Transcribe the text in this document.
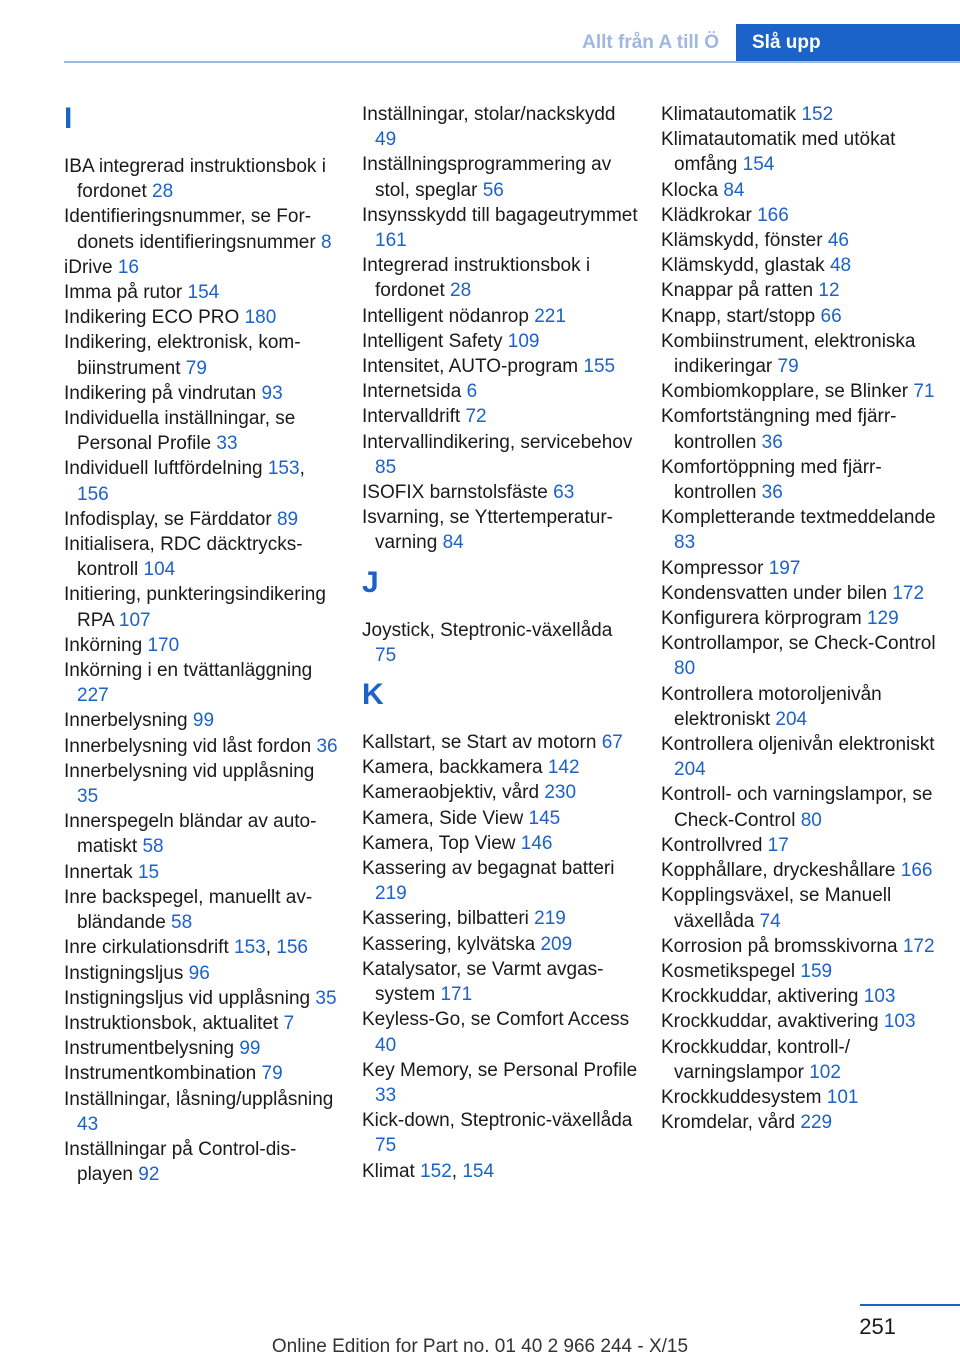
Allt från A till Ö	Slå upp
I
IBA integrerad instruktionsbok i fordonet 28
Identifieringsnummer, se Fordonets identifieringsnummer 8
iDrive 16
Imma på rutor 154
Indikering ECO PRO 180
Indikering, elektronisk, kombiinstrument 79
Indikering på vindrutan 93
Individuella inställningar, se Personal Profile 33
Individuell luftfördelning 153, 156
Infodisplay, se Färddator 89
Initialisera, RDC däcktryckskontroll 104
Initiering, punkteringsindikering RPA 107
Inkörning 170
Inkörning i en tvättanläggning 227
Innerbelysning 99
Innerbelysning vid låst fordon 36
Innerbelysning vid upplåsning 35
Innerspegeln bländar av automatiskt 58
Innertak 15
Inre backspegel, manuellt avbländande 58
Inre cirkulationsdrift 153, 156
Instigningsljus 96
Instigningsljus vid upplåsning 35
Instruktionsbok, aktualitet 7
Instrumentbelysning 99
Instrumentkombination 79
Inställningar, låsning/upplåsning 43
Inställningar på Control-displayen 92
Inställningar, stolar/nackskydd 49
Inställningsprogrammering av stol, speglar 56
Insynsskydd till bagageutrymmet 161
Integrerad instruktionsbok i fordonet 28
Intelligent nödanrop 221
Intelligent Safety 109
Intensitet, AUTO-program 155
Internetsida 6
Intervalldrift 72
Intervallindikering, servicebehov 85
ISOFIX barnstolsfäste 63
Isvarning, se Yttertemperaturvarning 84
J
Joystick, Steptronic-växellåda 75
K
Kallstart, se Start av motorn 67
Kamera, backkamera 142
Kameraobjektiv, vård 230
Kamera, Side View 145
Kamera, Top View 146
Kassering av begagnat batteri 219
Kassering, bilbatteri 219
Kassering, kylvätska 209
Katalysator, se Varmt avgassystem 171
Keyless-Go, se Comfort Access 40
Key Memory, se Personal Profile 33
Kick-down, Steptronic-växellåda 75
Klimat 152, 154
Klimatautomatik 152
Klimatautomatik med utökat omfång 154
Klocka 84
Klädkrokar 166
Klämskydd, fönster 46
Klämskydd, glastak 48
Knappar på ratten 12
Knapp, start/stopp 66
Kombiinstrument, elektroniska indikeringar 79
Kombiomkopplare, se Blinker 71
Komfortstängning med fjärrkontrollen 36
Komfortöppning med fjärrkontrollen 36
Kompletterande textmeddelande 83
Kompressor 197
Kondensvatten under bilen 172
Konfigurera körprogram 129
Kontrollampor, se Check-Control 80
Kontrollera motoroljenivån elektroniskt 204
Kontrollera oljenivån elektroniskt 204
Kontroll- och varningslampor, se Check-Control 80
Kontrollvred 17
Kopphållare, dryckeshållare 166
Kopplingsväxel, se Manuell växellåda 74
Korrosion på bromsskivorna 172
Kosmetikspegel 159
Krockkuddar, aktivering 103
Krockkuddar, avaktivering 103
Krockkuddar, kontroll-/ varningslampor 102
Krockkuddesystem 101
Kromdelar, vård 229
251
Online Edition for Part no. 01 40 2 966 244 - X/15
